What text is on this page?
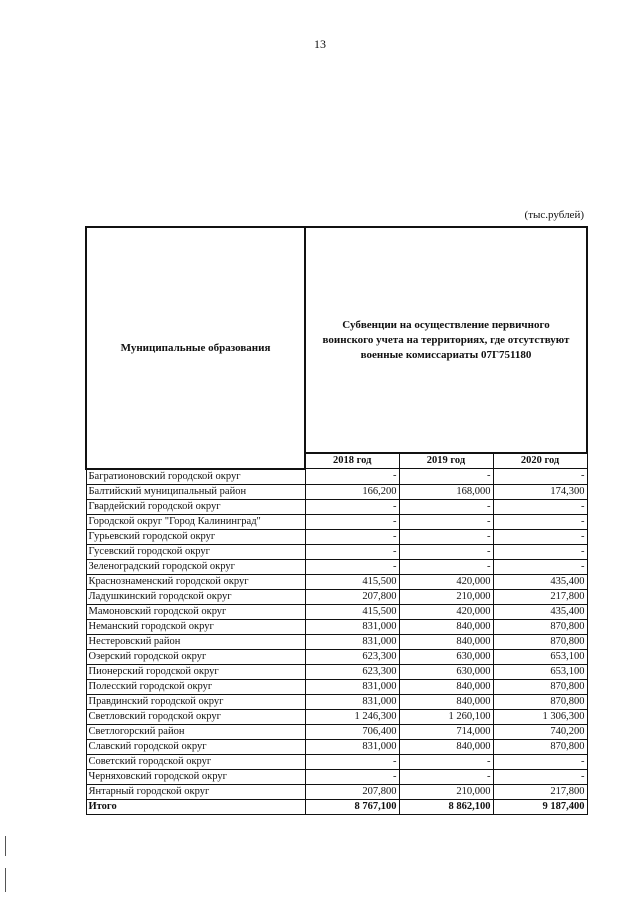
13
(тыс.рублей)
Муниципальные образования	Субвенции на осуществление первичного воинского учета на территориях, где отсутствуют военные комиссариаты 07Г751180		
	2018 год	2019 год	2020 год
Багратионовский городской округ	-	-	-
Балтийский муниципальный район	166,200	168,000	174,300
Гвардейский городской округ	-	-	-
Городской округ "Город Калининград"	-	-	-
Гурьевский городской округ	-	-	-
Гусевский городской округ	-	-	-
Зеленоградский городской округ	-	-	-
Краснознаменский городской округ	415,500	420,000	435,400
Ладушкинский городской округ	207,800	210,000	217,800
Мамоновский городской округ	415,500	420,000	435,400
Неманский городской округ	831,000	840,000	870,800
Нестеровский район	831,000	840,000	870,800
Озерский городской округ	623,300	630,000	653,100
Пионерский городской округ	623,300	630,000	653,100
Полесский городской округ	831,000	840,000	870,800
Правдинский городской округ	831,000	840,000	870,800
Светловский городской округ	1 246,300	1 260,100	1 306,300
Светлогорский район	706,400	714,000	740,200
Славский городской округ	831,000	840,000	870,800
Советский городской округ	-	-	-
Черняховский городской округ	-	-	-
Янтарный городской округ	207,800	210,000	217,800
Итого	8 767,100	8 862,100	9 187,400
